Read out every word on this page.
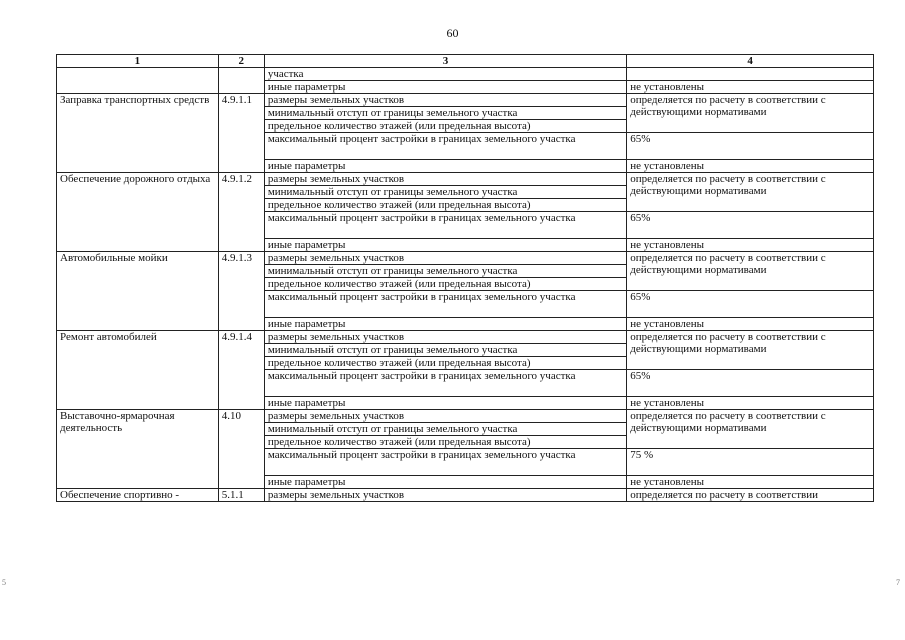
60
1	2	3	4
		участка	
		иные параметры	не установлены
Заправка транспортных средств	4.9.1.1	размеры земельных участков	определяется по расчету в соответствии с действующими нормативами
		минимальный отступ от границы земельного участка	
		предельное количество этажей (или предельная высота)	
		максимальный процент застройки в границах земельного участка	65%
		иные параметры	не установлены
Обеспечение дорожного отдыха	4.9.1.2	размеры земельных участков	определяется по расчету в соответствии с действующими нормативами
		минимальный отступ от границы земельного участка	
		предельное количество этажей (или предельная высота)	
		максимальный процент застройки в границах земельного участка	65%
		иные параметры	не установлены
Автомобильные мойки	4.9.1.3	размеры земельных участков	определяется по расчету в соответствии с действующими нормативами
		минимальный отступ от границы земельного участка	
		предельное количество этажей (или предельная высота)	
		максимальный процент застройки в границах земельного участка	65%
		иные параметры	не установлены
Ремонт автомобилей	4.9.1.4	размеры земельных участков	определяется по расчету в соответствии с действующими нормативами
		минимальный отступ от границы земельного участка	
		предельное количество этажей (или предельная высота)	
		максимальный процент застройки в границах земельного участка	65%
		иные параметры	не установлены
Выставочно-ярмарочная деятельность	4.10	размеры земельных участков	определяется по расчету в соответствии с действующими нормативами
		минимальный отступ от границы земельного участка	
		предельное количество этажей (или предельная высота)	
		максимальный процент застройки в границах земельного участка	75 %
		иные параметры	не установлены
Обеспечение спортивно -	5.1.1	размеры земельных участков	определяется по расчету в соответствии
5	7
